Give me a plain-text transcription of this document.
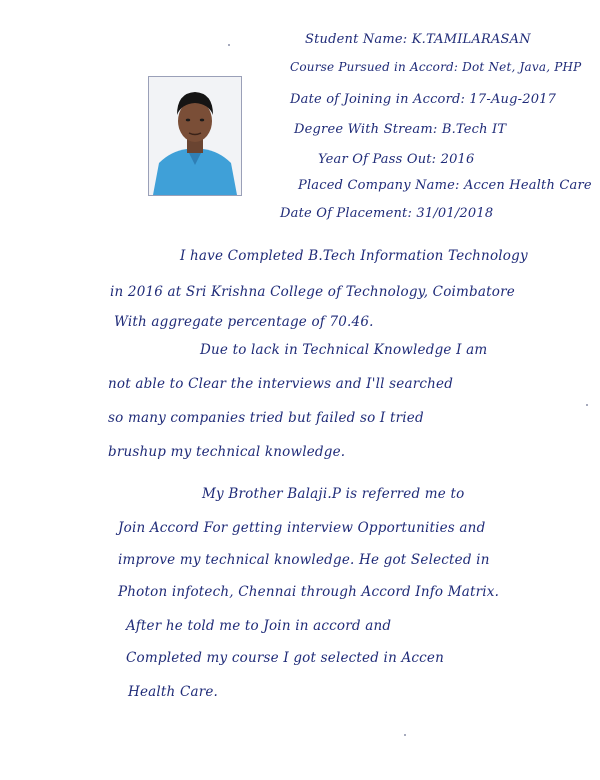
Student Name: K.TAMILARASAN
Course Pursued in Accord: Dot Net, Java, PHP
Date of Joining in Accord: 17-Aug-2017
Degree With Stream: B.Tech IT
Year Of Pass Out: 2016
Placed Company Name: Accen Health Care
Date Of Placement: 31/01/2018
I have Completed B.Tech Information Technology
in 2016 at Sri Krishna College of Technology, Coimbatore
With aggregate percentage of 70.46.
Due to lack in Technical Knowledge I am
not able to Clear the interviews and I'll searched
so many companies tried but failed so I tried
brushup my technical knowledge.
My Brother Balaji.P is referred me to
Join Accord For getting interview Opportunities and
improve my technical knowledge. He got Selected in
Photon infotech, Chennai through Accord Info Matrix.
After he told me to Join in accord and
Completed my course I got selected in Accen
Health Care.
